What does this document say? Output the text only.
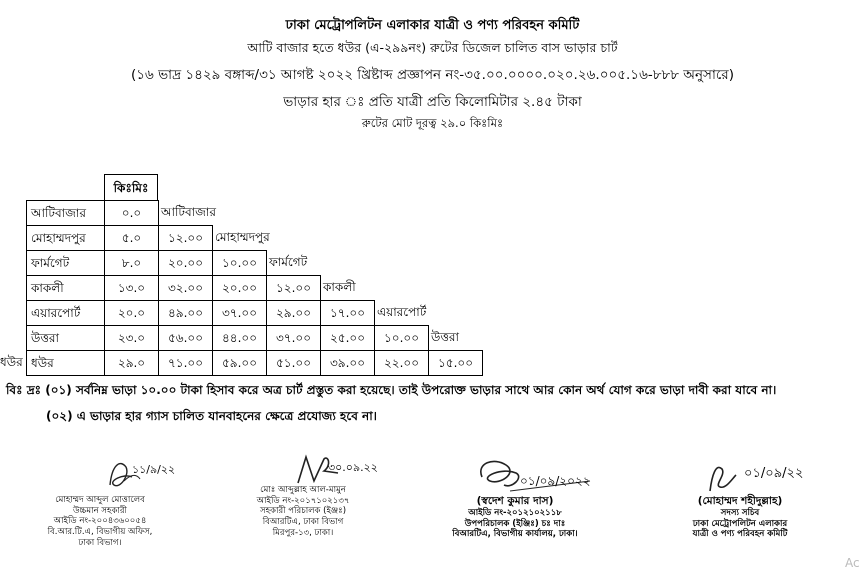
ঢাকা মেট্রোপলিটন এলাকার যাত্রী ও পণ্য পরিবহন কমিটি
আটি বাজার হতে ধউর (এ-২৯৯নং) রুটের ডিজেল চালিত বাস ভাড়ার চার্ট
(১৬ ভাদ্র ১৪২৯ বঙ্গাব্দ/৩১ আগষ্ট ২০২২ খ্রিষ্টাব্দ প্রজ্ঞাপন নং-৩৫.০০.০০০০.০২০.২৬.০০৫.১৬-৮৮৮ অনুসারে)
ভাড়ার হার ঃ প্রতি যাত্রী প্রতি কিলোমিটার ২.৪৫ টাকা
রুটের মোট দূরত্ব ২৯.০ কিঃমিঃ
কিঃমিঃ
আটিবাজার	০.০	আটিবাজার
মোহাম্মদপুর	৫.০	১২.০০	মোহাম্মদপুর
ফার্মগেট	৮.০	২০.০০	১০.০০	ফার্মগেট
কাকলী	১৩.০	৩২.০০	২০.০০	১২.০০	কাকলী
এয়ারপোর্ট	২০.০	৪৯.০০	৩৭.০০	২৯.০০	১৭.০০	এয়ারপোর্ট
উত্তরা	২৩.০	৫৬.০০	৪৪.০০	৩৭.০০	২৫.০০	১০.০০	উত্তরা
ধউর	২৯.০	৭১.০০	৫৯.০০	৫১.০০	৩৯.০০	২২.০০	১৫.০০
ধউর
বিঃ দ্রঃ (০১) সর্বনিম্ন ভাড়া ১০.০০ টাকা হিসাব করে অত্র চার্ট প্রস্তুত করা হয়েছে। তাই উপরোক্ত ভাড়ার সাথে আর কোন অর্থ যোগ করে ভাড়া দাবী করা যাবে না।
(০২) এ ভাড়ার হার গ্যাস চালিত যানবাহনের ক্ষেত্রে প্রযোজ্য হবে না।
১১/৯/২২
মোহাম্মদ আব্দুল মোত্তালেব
উচ্চমান সহকারী
আইডি নং-২০০৪৩৬০০৫৪
বি.আর.টি.এ, বিভাগীয় অফিস,
ঢাকা বিভাগ।
৩০.০৯.২২
মোঃ আব্দুল্লাহ আল-মামুন
আইডি নং-২০১৭১০২১৩৭
সহকারী পরিচালক (ইঞ্জঃ)
বিআরটিএ, ঢাকা বিভাগ
মিরপুর-১৩, ঢাকা।
০১/০৯/২০২২
(স্বদেশ কুমার দাস)
আইডি নং-২০১২১০২১১৮
উপপরিচালক (ইঞ্জিঃ) চঃ দাঃ
বিআরটিএ, বিভাগীয় কার্যালয়, ঢাকা।
০১/০৯/২২
(মোহাম্মদ শহীদুল্লাহ)
সদস্য সচিব
ঢাকা মেট্রোপলিটন এলাকার
যাত্রী ও পণ্য পরিবহন কমিটি
Ac
